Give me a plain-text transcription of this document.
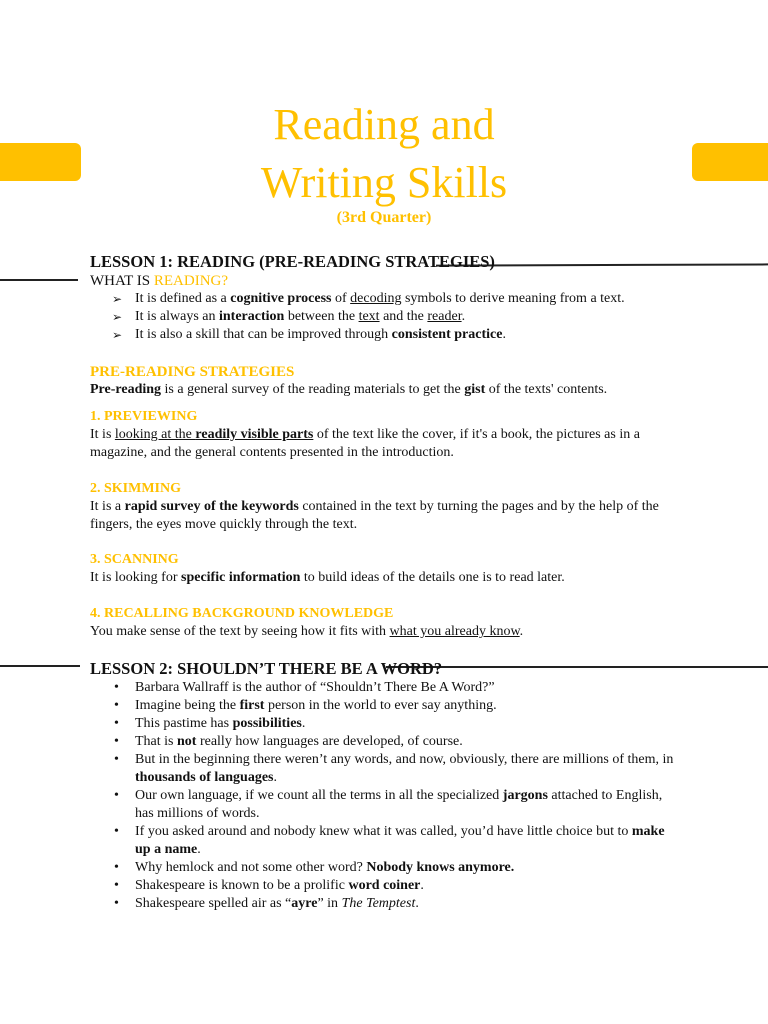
Reading and
Writing Skills
(3rd Quarter)
LESSON 1: READING (PRE-READING STRATEGIES)
WHAT IS READING?
➢ It is defined as a cognitive process of decoding symbols to derive meaning from a text.
➢ It is always an interaction between the text and the reader.
➢ It is also a skill that can be improved through consistent practice.
PRE-READING STRATEGIES

Pre-reading is a general survey of the reading materials to get the gist of the texts' contents.

1. PREVIEWING

It is looking at the readily visible parts of the text like the cover, if it's a book, the pictures as in a magazine, and the general contents presented in the introduction.

2. SKIMMING

It is a rapid survey of the keywords contained in the text by turning the pages and by the help of the fingers, the eyes move quickly through the text.

3. SCANNING

It is looking for specific information to build ideas of the details one is to read later.

4. RECALLING BACKGROUND KNOWLEDGE

You make sense of the text by seeing how it fits with what you already know.

LESSON 2: SHOULDN’T THERE BE A WORD?
• Barbara Wallraff is the author of “Shouldn’t There Be A Word?”
• Imagine being the first person in the world to ever say anything.
• This pastime has possibilities.
• That is not really how languages are developed, of course.
• But in the beginning there weren’t any words, and now, obviously, there are millions of them, in thousands of languages.
• Our own language, if we count all the terms in all the specialized jargons attached to English, has millions of words.
• If you asked around and nobody knew what it was called, you’d have little choice but to make up a name.
• Why hemlock and not some other word? Nobody knows anymore.
• Shakespeare is known to be a prolific word coiner.
• Shakespeare spelled air as “ayre” in The Temptest.
